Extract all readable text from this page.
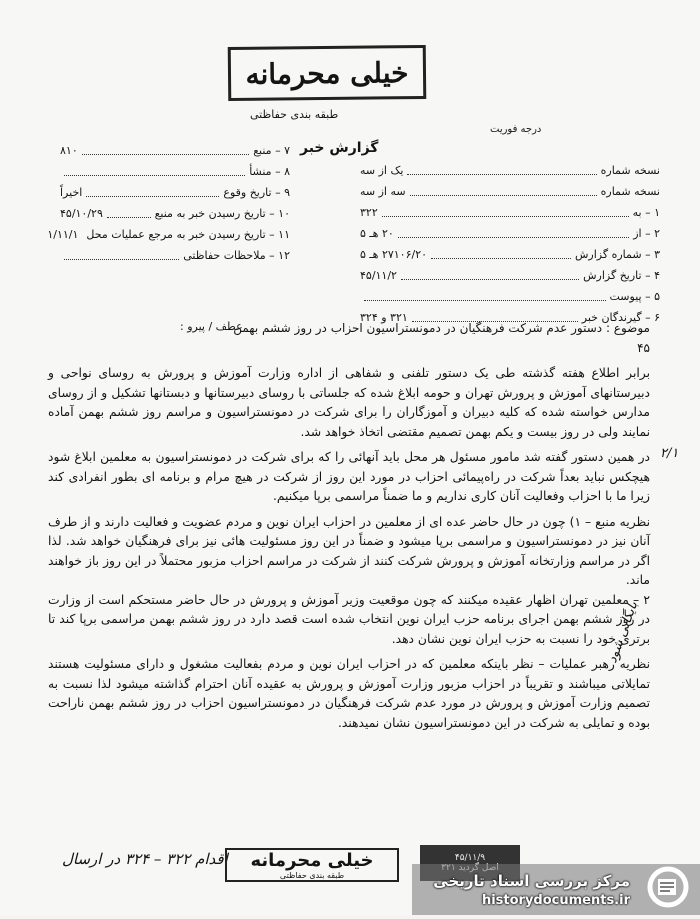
خیلی محرمانه
طبقه بندی حفاظتی
درجه فوریت
گزارش خبر
۷ – منبع
۸۱۰
۸ – منشأ
۹ – تاریخ وقوع
اخیراً
۱۰ – تاریخ رسیدن خبر به منبع
۴۵/۱۰/۲۹
۱۱ – تاریخ رسیدن خبر به مرجع عملیات محل
۱/۱۱/۱
۱۲ – ملاحظات حفاظتی
نسخه شماره
یک از سه
نسخه شماره
سه از سه
۱ – به
۳۲۲
۲ – از
۲۰ هـ ۵
۳ – شماره گزارش
۲۷۱۰۶/۲۰ هـ ۵
۴ – تاریخ گزارش
۴۵/۱۱/۲
۵ – پیوست
۶ – گیرندگان خبر
۳۲۱ و ۳۲۴
موضوع : دستور عدم شرکت فرهنگیان در دمونستراسیون احزاب در روز ششم بهمن ۴۵
عطف / پیرو :

برابر اطلاع هفته گذشته طی یک دستور تلفنی و شفاهی از اداره وزارت آموزش و پرورش به روسای نواحی و دبیرستانهای آموزش و پرورش تهران و حومه ابلاغ شده که جلساتی با روسای دبیرستانها و دبستانها تشکیل و از روسای مدارس خواسته شده که کلیه دبیران و آموزگاران را برای شرکت در دمونستراسیون و مراسم روز ششم بهمن آماده نمایند ولی در روز بیست و یکم بهمن تصمیم مقتضی اتخاذ خواهد شد.

در همین دستور گفته شد مامور مسئول هر محل باید آنهائی را که برای شرکت در دمونستراسیون به معلمین ابلاغ شود هیچکس نباید بعداً شرکت در راه‌پیمائی احزاب در مورد این روز از شرکت در هیچ مرام و برنامه ای بطور انفرادی کند زیرا ما با احزاب وفعالیت آنان کاری نداریم و ما ضمناً مراسمی برپا میکنیم.

نظریه منبع – ۱) چون در حال حاضر عده ای از معلمین در احزاب ایران نوین و مردم عضویت و فعالیت دارند و از طرف آنان نیز در دمونستراسیون و مراسمی برپا میشود و ضمناً در این روز مسئولیت هائی نیز برای فرهنگیان خواهد شد. لذا اگر در مراسم وزارتخانه آموزش و پرورش شرکت کنند از شرکت در مراسم احزاب مزبور محتملاً در این روز باز خواهند ماند.

۲ – معلمین تهران اظهار عقیده میکنند که چون موقعیت وزیر آموزش و پرورش در حال حاضر مستحکم است از وزارت در روز ششم بهمن اجرای برنامه حزب ایران نوین انتخاب شده است قصد دارد در روز ششم بهمن مراسمی برپا کند تا برتری خود را نسبت به حزب ایران نوین نشان دهد.

نظریه رهبر عملیات – نظر باینکه معلمین که در احزاب ایران نوین و مردم بفعالیت مشغول و دارای مسئولیت هستند تمایلاتی میباشند و تقریباً در احزاب مزبور وزارت آموزش و پرورش به عقیده آنان احترام گذاشته میشود لذا نسبت به تصمیم وزارت آموزش و پرورش در مورد عدم شرکت فرهنگیان در دمونستراسیون احزاب در روز ششم بهمن ناراحت بوده و تمایلی به شرکت در این دمونستراسیون نشان نمیدهند.

۲/۱
بایگانی شود
اقدام ۳۲۲ – ۳۲۴ در ارسال خیلی محرمانه
طبقه بندی حفاظتی
۴۵/۱۱/۹
مرکز بررسی اسناد تاریخی
historydocuments.ir
